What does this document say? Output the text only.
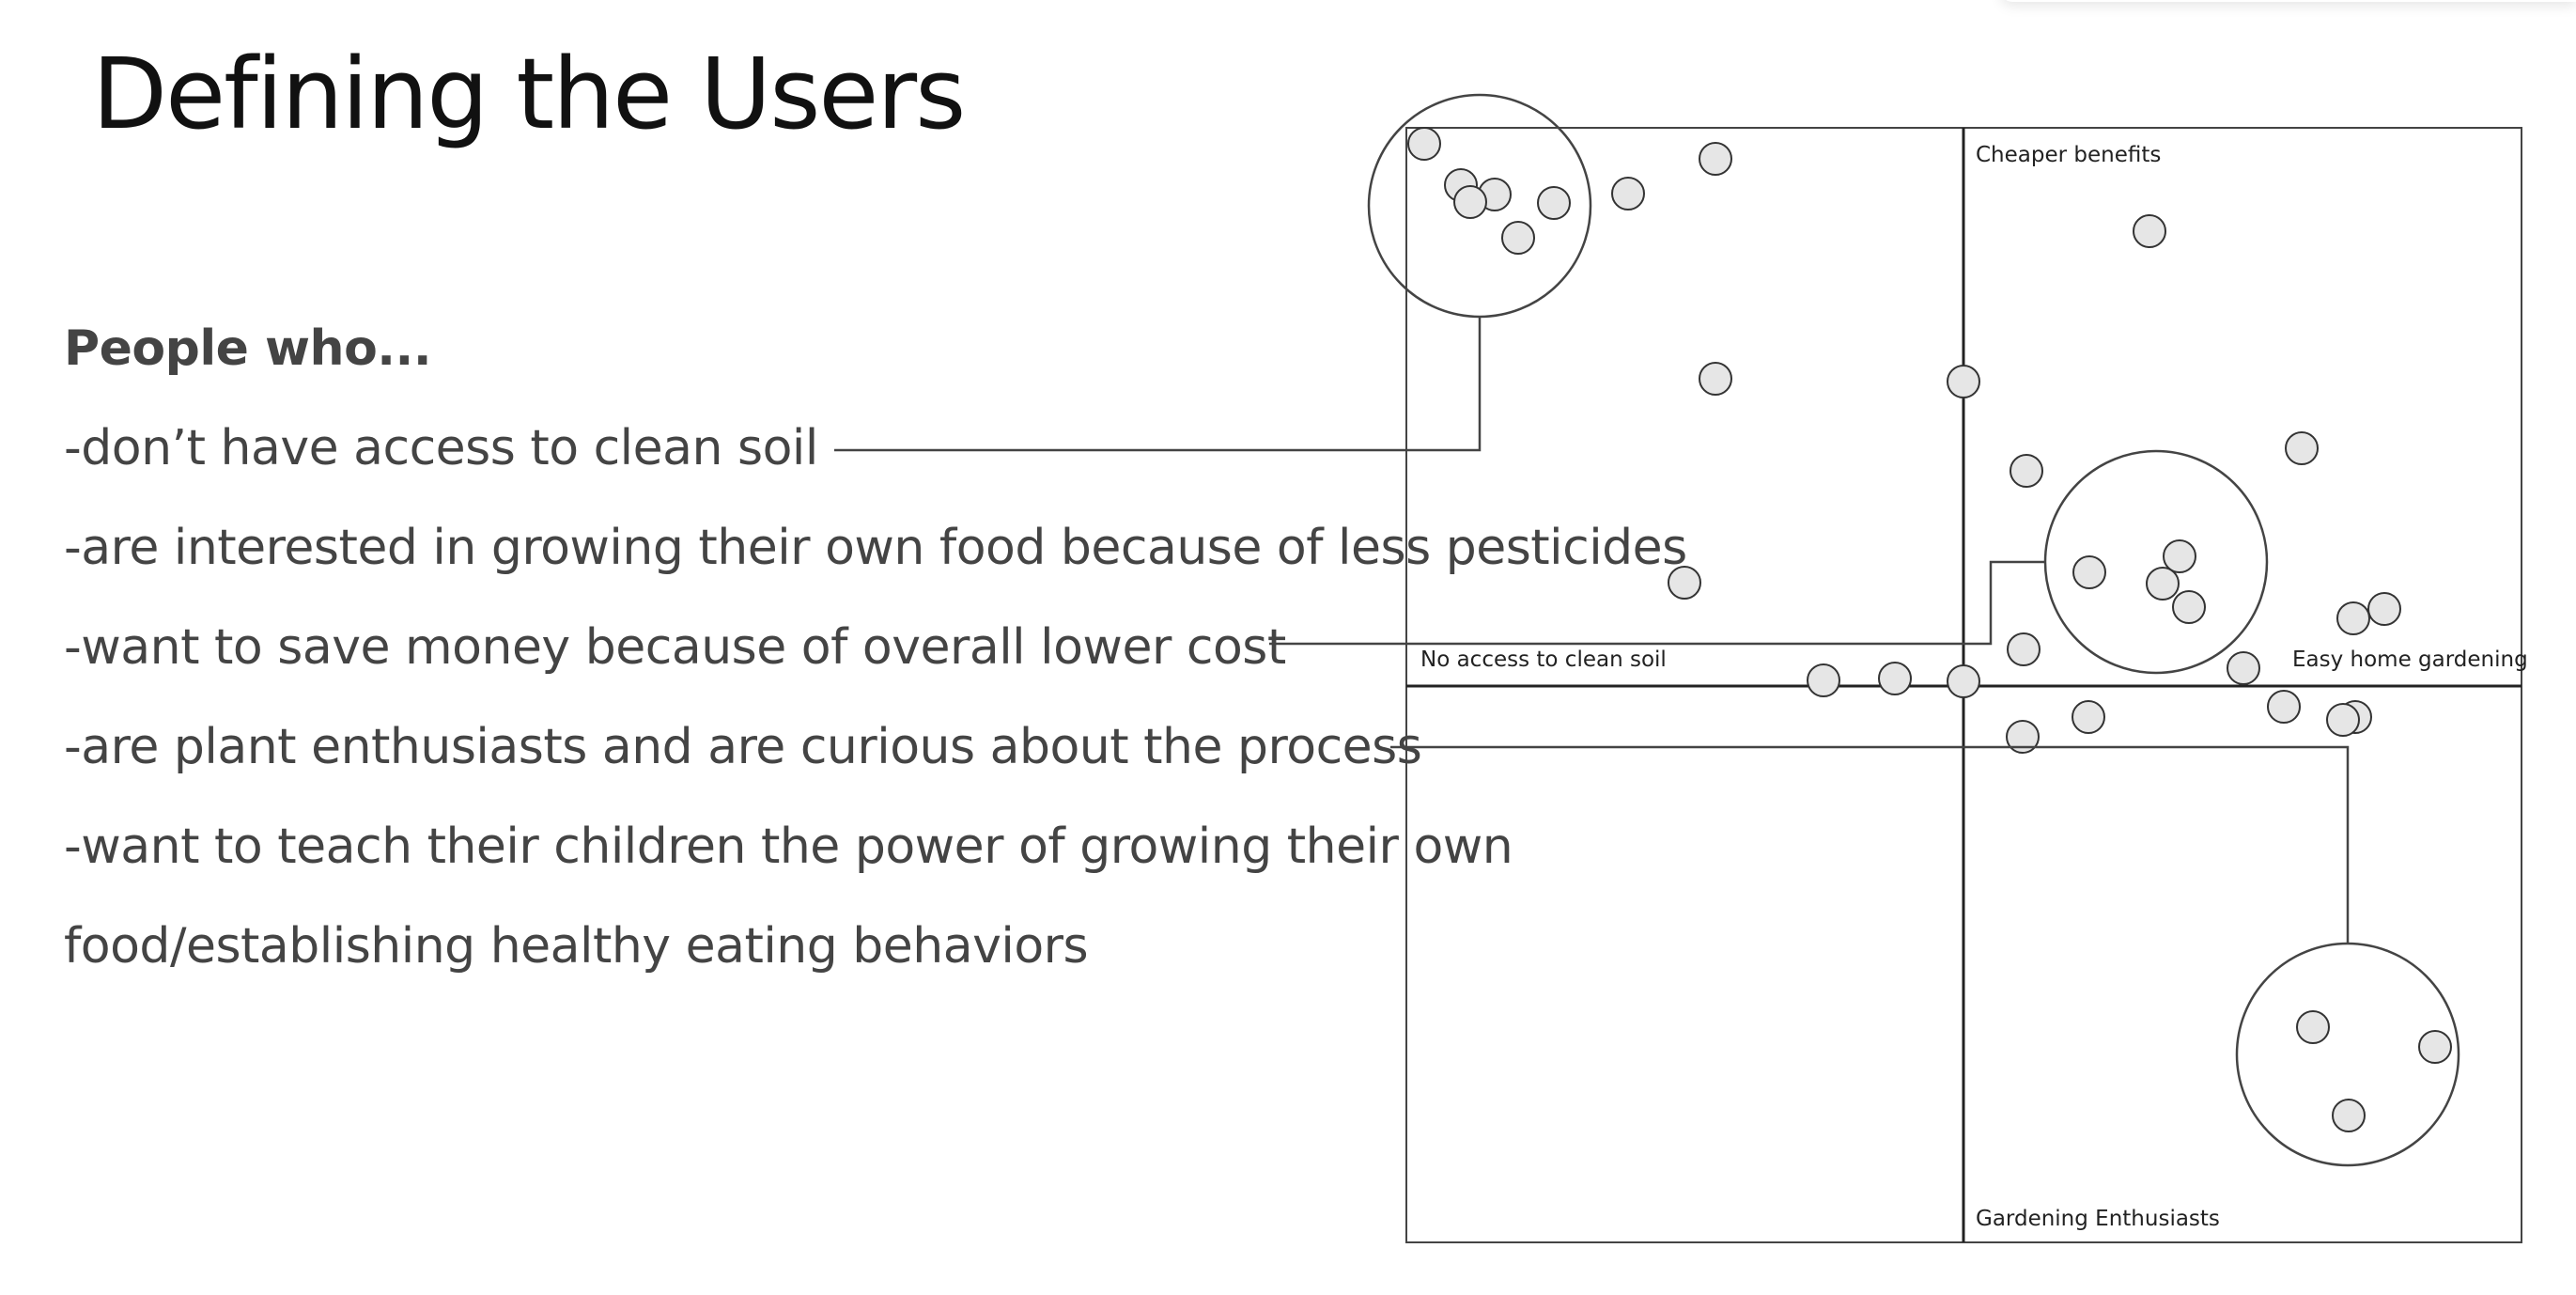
Defining the Users
Cheaper benefits
No access to clean soil	Easy home gardening
Gardening Enthusiasts
People who...
-don’t have access to clean soil
-are interested in growing their own food because of less pesticides
-want to save money because of overall lower cost
-are plant enthusiasts and are curious about the process
-want to teach their children the power of growing their own
food/establishing healthy eating behaviors
